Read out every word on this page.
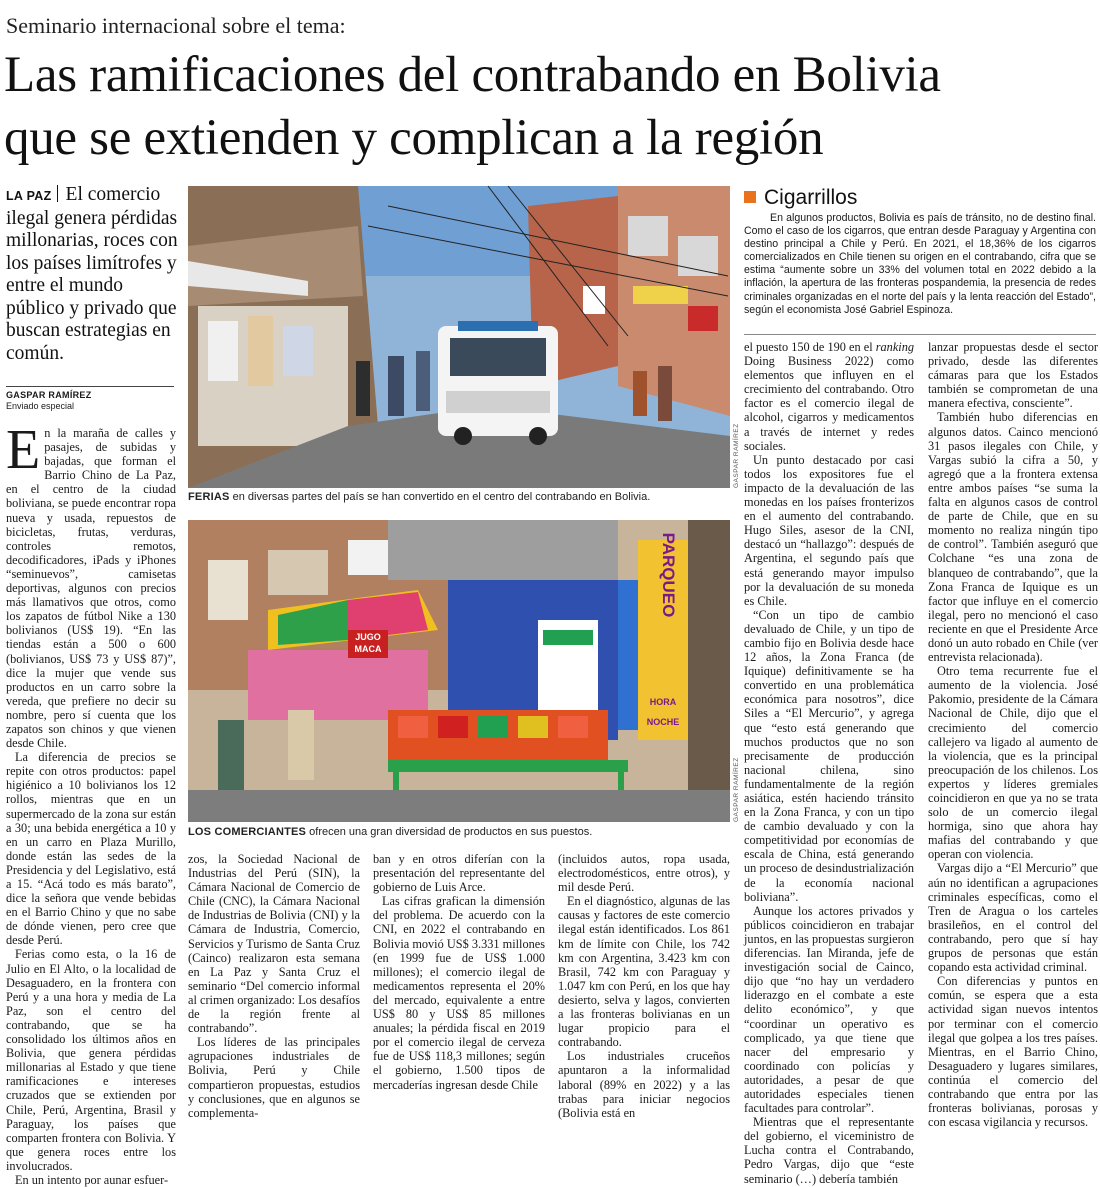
Seminario internacional sobre el tema:
Las ramificaciones del contrabando en Bolivia
que se extienden y complican a la región
LA PAZ El comercio ilegal genera pérdidas millonarias, roces con los países limítrofes y entre el mundo público y privado que buscan estrategias en común.
GASPAR RAMÍREZ
Enviado especial

En la maraña de calles y pasajes, de subidas y bajadas, que forman el Barrio Chino de La Paz, en el centro de la ciudad boliviana, se puede encontrar ropa nueva y usada, repuestos de bicicletas, frutas, verduras, controles remotos, decodificadores, iPads y iPhones “seminuevos”, camisetas deportivas, algunos con precios más llamativos que otros, como los zapatos de fútbol Nike a 130 bolivianos (US$ 19). “En las tiendas están a 500 o 600 (bolivianos, US$ 73 y US$ 87)”, dice la mujer que vende sus productos en un carro sobre la vereda, que prefiere no decir su nombre, pero sí cuenta que los zapatos son chinos y que vienen desde Chile.

La diferencia de precios se repite con otros productos: papel higiénico a 10 bolivianos los 12 rollos, mientras que en un supermercado de la zona sur están a 30; una bebida energética a 10 y en un carro en Plaza Murillo, donde están las sedes de la Presidencia y del Legislativo, está a 15. “Acá todo es más barato”, dice la señora que vende bebidas en el Barrio Chino y que no sabe de dónde vienen, pero cree que desde Perú.

Ferias como esta, o la 16 de Julio en El Alto, o la localidad de Desaguadero, en la frontera con Perú y a una hora y media de La Paz, son el centro del contrabando, que se ha consolidado los últimos años en Bolivia, que genera pérdidas millonarias al Estado y que tiene ramificaciones e intereses cruzados que se extienden por Chile, Perú, Argentina, Brasil y Paraguay, los países que comparten frontera con Bolivia. Y que genera roces entre los involucrados.

En un intento por aunar esfuer-

GASPAR RAMÍREZ
FERIAS en diversas partes del país se han convertido en el centro del contrabando en Bolivia.
PARQUEO
HORA
NOCHE
JUGO
MACA
GASPAR RAMÍREZ
LOS COMERCIANTES ofrecen una gran diversidad de productos en sus puestos.

zos, la Sociedad Nacional de Industrias del Perú (SIN), la Cámara Nacional de Comercio de Chile (CNC), la Cámara Nacional de Industrias de Bolivia (CNI) y la Cámara de Industria, Comercio, Servicios y Turismo de Santa Cruz (Cainco) realizaron esta semana en La Paz y Santa Cruz el seminario “Del comercio informal al crimen organizado: Los desafíos de la región frente al contrabando”.

Los líderes de las principales agrupaciones industriales de Bolivia, Perú y Chile compartieron propuestas, estudios y conclusiones, que en algunos se complementa-

ban y en otros diferían con la presentación del representante del gobierno de Luis Arce.

Las cifras grafican la dimensión del problema. De acuerdo con la CNI, en 2022 el contrabando en Bolivia movió US$ 3.331 millones (en 1999 fue de US$ 1.000 millones); el comercio ilegal de medicamentos representa el 20% del mercado, equivalente a entre US$ 80 y US$ 85 millones anuales; la pérdida fiscal en 2019 por el comercio ilegal de cerveza fue de US$ 118,3 millones; según el gobierno, 1.500 tipos de mercaderías ingresan desde Chile

(incluidos autos, ropa usada, electrodomésticos, entre otros), y mil desde Perú.

En el diagnóstico, algunas de las causas y factores de este comercio ilegal están identificados. Los 861 km de límite con Chile, los 742 km con Argentina, 3.423 km con Brasil, 742 km con Paraguay y 1.047 km con Perú, en los que hay desierto, selva y lagos, convierten a las fronteras bolivianas en un lugar propicio para el contrabando.

Los industriales cruceños apuntaron a la informalidad laboral (89% en 2022) y a las trabas para iniciar negocios (Bolivia está en

Cigarrillos

En algunos productos, Bolivia es país de tránsito, no de destino final. Como el caso de los cigarros, que entran desde Paraguay y Argentina con destino principal a Chile y Perú. En 2021, el 18,36% de los cigarros comercializados en Chile tienen su origen en el contrabando, cifra que se estima “aumente sobre un 33% del volumen total en 2022 debido a la inflación, la apertura de las fronteras pospandemia, la presencia de redes criminales organizadas en el norte del país y la lenta reacción del Estado”, según el economista José Gabriel Espinoza.

el puesto 150 de 190 en el ranking Doing Business 2022) como elementos que influyen en el crecimiento del contrabando. Otro factor es el comercio ilegal de alcohol, cigarros y medicamentos a través de internet y redes sociales.

Un punto destacado por casi todos los expositores fue el impacto de la devaluación de las monedas en los países fronterizos en el aumento del contrabando. Hugo Siles, asesor de la CNI, destacó un “hallazgo”: después de Argentina, el segundo país que está generando mayor impulso por la devaluación de su moneda es Chile.

“Con un tipo de cambio devaluado de Chile, y un tipo de cambio fijo en Bolivia desde hace 12 años, la Zona Franca (de Iquique) definitivamente se ha convertido en una problemática económica para nosotros”, dice Siles a “El Mercurio”, y agrega que “esto está generando que muchos productos que no son precisamente de producción nacional chilena, sino fundamentalmente de la región asiática, estén haciendo tránsito en la Zona Franca, y con un tipo de cambio devaluado y con la competitividad por economías de escala de China, está generando un proceso de desindustrialización de la economía nacional boliviana”.

Aunque los actores privados y públicos coincidieron en trabajar juntos, en las propuestas surgieron diferencias. Ian Miranda, jefe de investigación social de Cainco, dijo que “no hay un verdadero liderazgo en el combate a este delito económico”, y que “coordinar un operativo es complicado, ya que tiene que nacer del empresario y coordinado con policías y autoridades, a pesar de que autoridades especiales tienen facultades para controlar”.

Mientras que el representante del gobierno, el viceministro de Lucha contra el Contrabando, Pedro Vargas, dijo que “este seminario (…) debería también

lanzar propuestas desde el sector privado, desde las diferentes cámaras para que los Estados también se comprometan de una manera efectiva, consciente”.

También hubo diferencias en algunos datos. Cainco mencionó 31 pasos ilegales con Chile, y Vargas subió la cifra a 50, y agregó que a la frontera extensa entre ambos países “se suma la falta en algunos casos de control de parte de Chile, que en su momento no realiza ningún tipo de control”. También aseguró que Colchane “es una zona de blanqueo de contrabando”, que la Zona Franca de Iquique es un factor que influye en el comercio ilegal, pero no mencionó el caso reciente en que el Presidente Arce donó un auto robado en Chile (ver entrevista relacionada).

Otro tema recurrente fue el aumento de la violencia. José Pakomio, presidente de la Cámara Nacional de Chile, dijo que el crecimiento del comercio callejero va ligado al aumento de la violencia, que es la principal preocupación de los chilenos. Los expertos y líderes gremiales coincidieron en que ya no se trata solo de un comercio ilegal hormiga, sino que ahora hay mafias del contrabando y que operan con violencia.

Vargas dijo a “El Mercurio” que aún no identifican a agrupaciones criminales específicas, como el Tren de Aragua o los carteles brasileños, en el control del contrabando, pero que sí hay grupos de personas que están copando esta actividad criminal.

Con diferencias y puntos en común, se espera que a esta actividad sigan nuevos intentos por terminar con el comercio ilegal que golpea a los tres países. Mientras, en el Barrio Chino, Desaguadero y lugares similares, continúa el comercio del contrabando que entra por las fronteras bolivianas, porosas y con escasa vigilancia y recursos.
